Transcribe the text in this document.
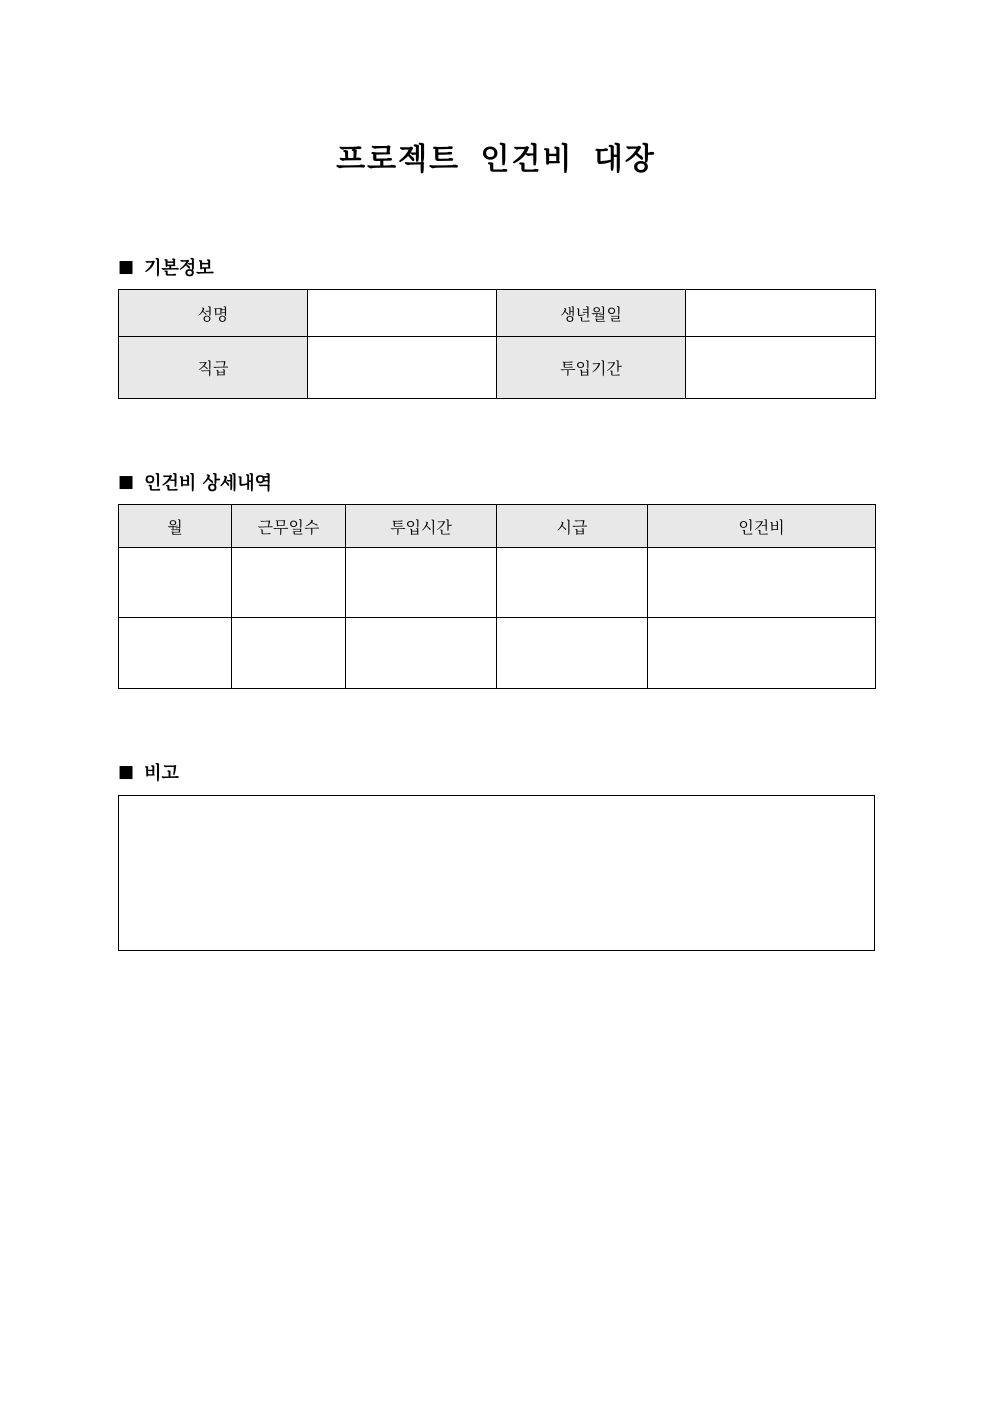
프로젝트 인건비 대장
■ 기본정보
성명		생년월일	
직급		투입기간	
■ 인건비 상세내역
월	근무일수	투입시간	시급	인건비

■ 비고
